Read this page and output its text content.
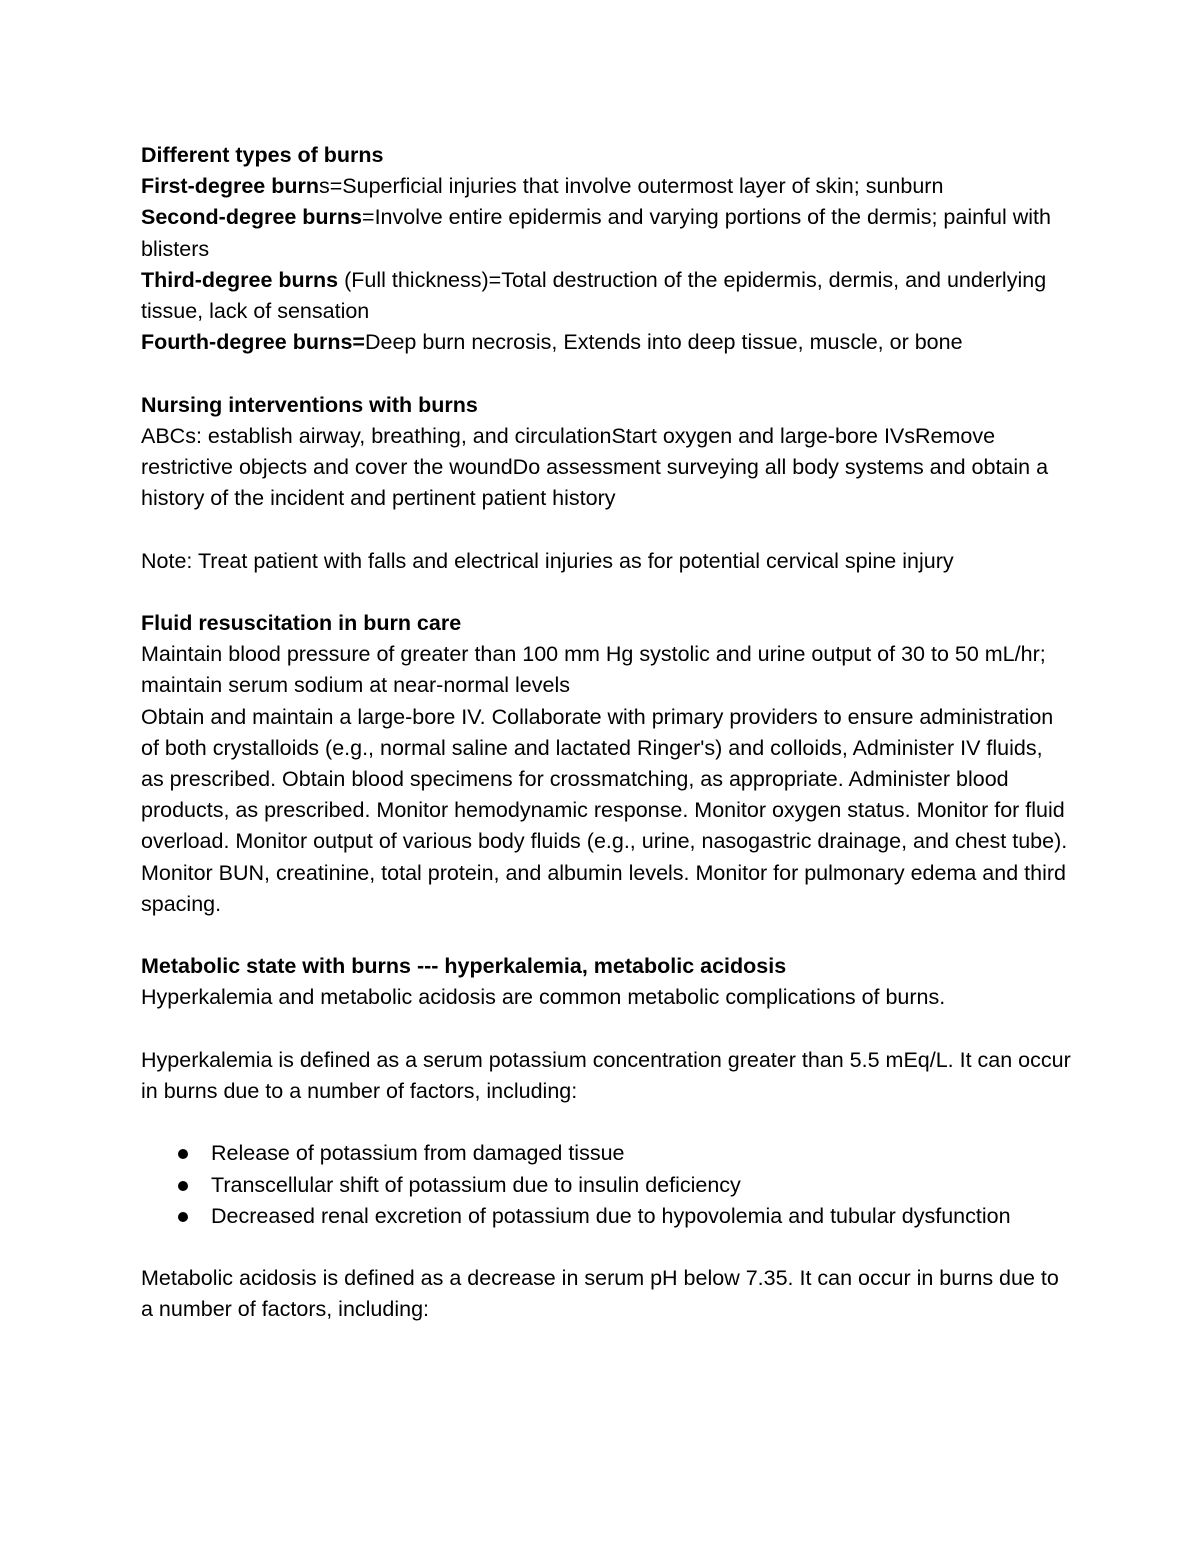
Different types of burns

First-degree burns=Superficial injuries that involve outermost layer of skin; sunburn

Second-degree burns=Involve entire epidermis and varying portions of the dermis; painful with blisters

Third-degree burns (Full thickness)=Total destruction of the epidermis, dermis, and underlying tissue, lack of sensation

Fourth-degree burns=Deep burn necrosis, Extends into deep tissue, muscle, or bone

Nursing interventions with burns

ABCs: establish airway, breathing, and circulationStart oxygen and large-bore IVsRemove restrictive objects and cover the woundDo assessment surveying all body systems and obtain a history of the incident and pertinent patient history

Note: Treat patient with falls and electrical injuries as for potential cervical spine injury

Fluid resuscitation in burn care

Maintain blood pressure of greater than 100 mm Hg systolic and urine output of 30 to 50 mL/hr; maintain serum sodium at near-normal levels

Obtain and maintain a large-bore IV. Collaborate with primary providers to ensure administration of both crystalloids (e.g., normal saline and lactated Ringer's) and colloids, Administer IV fluids, as prescribed. Obtain blood specimens for crossmatching, as appropriate. Administer blood products, as prescribed. Monitor hemodynamic response. Monitor oxygen status. Monitor for fluid overload. Monitor output of various body fluids (e.g., urine, nasogastric drainage, and chest tube). Monitor BUN, creatinine, total protein, and albumin levels. Monitor for pulmonary edema and third spacing.

Metabolic state with burns --- hyperkalemia, metabolic acidosis

Hyperkalemia and metabolic acidosis are common metabolic complications of burns.

Hyperkalemia is defined as a serum potassium concentration greater than 5.5 mEq/L. It can occur in burns due to a number of factors, including:

Release of potassium from damaged tissue
Transcellular shift of potassium due to insulin deficiency
Decreased renal excretion of potassium due to hypovolemia and tubular dysfunction

Metabolic acidosis is defined as a decrease in serum pH below 7.35. It can occur in burns due to a number of factors, including:
